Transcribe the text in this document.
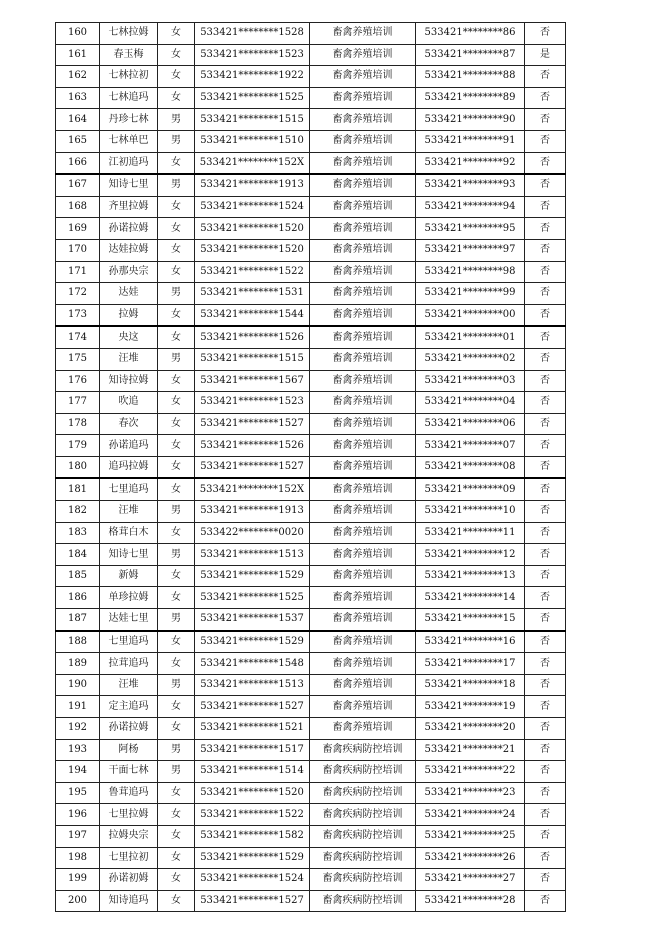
160	七林拉姆	女	533421********1528	畜禽养殖培训	533421********86	否
161	春玉梅	女	533421********1523	畜禽养殖培训	533421********87	是
162	七林拉初	女	533421********1922	畜禽养殖培训	533421********88	否
163	七林追玛	女	533421********1525	畜禽养殖培训	533421********89	否
164	丹珍七林	男	533421********1515	畜禽养殖培训	533421********90	否
165	七林单巴	男	533421********1510	畜禽养殖培训	533421********91	否
166	江初追玛	女	533421********152X	畜禽养殖培训	533421********92	否
167	知诗七里	男	533421********1913	畜禽养殖培训	533421********93	否
168	齐里拉姆	女	533421********1524	畜禽养殖培训	533421********94	否
169	孙诺拉姆	女	533421********1520	畜禽养殖培训	533421********95	否
170	达娃拉姆	女	533421********1520	畜禽养殖培训	533421********97	否
171	孙那央宗	女	533421********1522	畜禽养殖培训	533421********98	否
172	达娃	男	533421********1531	畜禽养殖培训	533421********99	否
173	拉姆	女	533421********1544	畜禽养殖培训	533421********00	否
174	央这	女	533421********1526	畜禽养殖培训	533421********01	否
175	汪堆	男	533421********1515	畜禽养殖培训	533421********02	否
176	知诗拉姆	女	533421********1567	畜禽养殖培训	533421********03	否
177	吹追	女	533421********1523	畜禽养殖培训	533421********04	否
178	春次	女	533421********1527	畜禽养殖培训	533421********06	否
179	孙诺追玛	女	533421********1526	畜禽养殖培训	533421********07	否
180	追玛拉姆	女	533421********1527	畜禽养殖培训	533421********08	否
181	七里追玛	女	533421********152X	畜禽养殖培训	533421********09	否
182	汪堆	男	533421********1913	畜禽养殖培训	533421********10	否
183	格茸白木	女	533422********0020	畜禽养殖培训	533421********11	否
184	知诗七里	男	533421********1513	畜禽养殖培训	533421********12	否
185	新姆	女	533421********1529	畜禽养殖培训	533421********13	否
186	单珍拉姆	女	533421********1525	畜禽养殖培训	533421********14	否
187	达娃七里	男	533421********1537	畜禽养殖培训	533421********15	否
188	七里追玛	女	533421********1529	畜禽养殖培训	533421********16	否
189	拉茸追玛	女	533421********1548	畜禽养殖培训	533421********17	否
190	汪堆	男	533421********1513	畜禽养殖培训	533421********18	否
191	定主追玛	女	533421********1527	畜禽养殖培训	533421********19	否
192	孙诺拉姆	女	533421********1521	畜禽养殖培训	533421********20	否
193	阿杨	男	533421********1517	畜禽疾病防控培训	533421********21	否
194	干面七林	男	533421********1514	畜禽疾病防控培训	533421********22	否
195	鲁茸追玛	女	533421********1520	畜禽疾病防控培训	533421********23	否
196	七里拉姆	女	533421********1522	畜禽疾病防控培训	533421********24	否
197	拉姆央宗	女	533421********1582	畜禽疾病防控培训	533421********25	否
198	七里拉初	女	533421********1529	畜禽疾病防控培训	533421********26	否
199	孙诺初姆	女	533421********1524	畜禽疾病防控培训	533421********27	否
200	知诗追玛	女	533421********1527	畜禽疾病防控培训	533421********28	否
